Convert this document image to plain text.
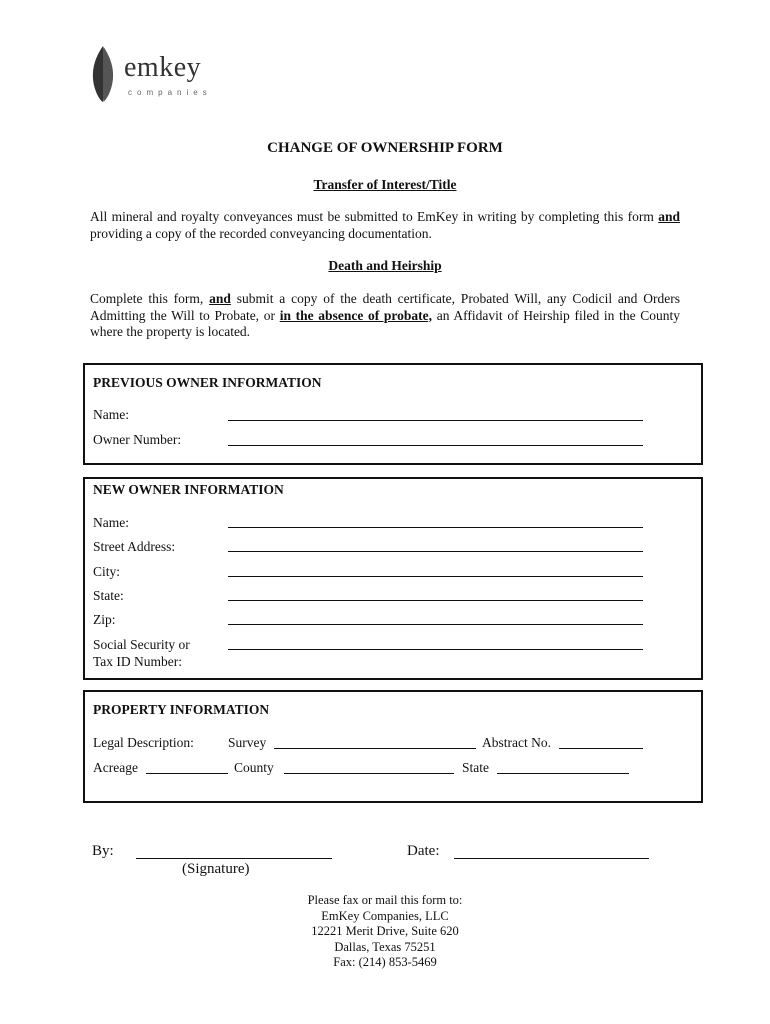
emkey
companies
CHANGE OF OWNERSHIP FORM
Transfer of Interest/Title
All mineral and royalty conveyances must be submitted to EmKey in writing by completing this form and providing a copy of the recorded conveyancing documentation.
Death and Heirship
Complete this form, and submit a copy of the death certificate, Probated Will, any Codicil and Orders Admitting the Will to Probate, or in the absence of probate, an Affidavit of Heirship filed in the County where the property is located.
PREVIOUS OWNER INFORMATION
Name:
Owner Number:
NEW OWNER INFORMATION
Name:
Street Address:
City:
State:
Zip:
Social Security or
Tax ID Number:
PROPERTY INFORMATION
Legal Description:	Survey	Abstract No.
Acreage	County	State
By:
(Signature)
Date:
Please fax or mail this form to:
EmKey Companies, LLC
12221 Merit Drive, Suite 620
Dallas, Texas 75251
Fax: (214) 853-5469
